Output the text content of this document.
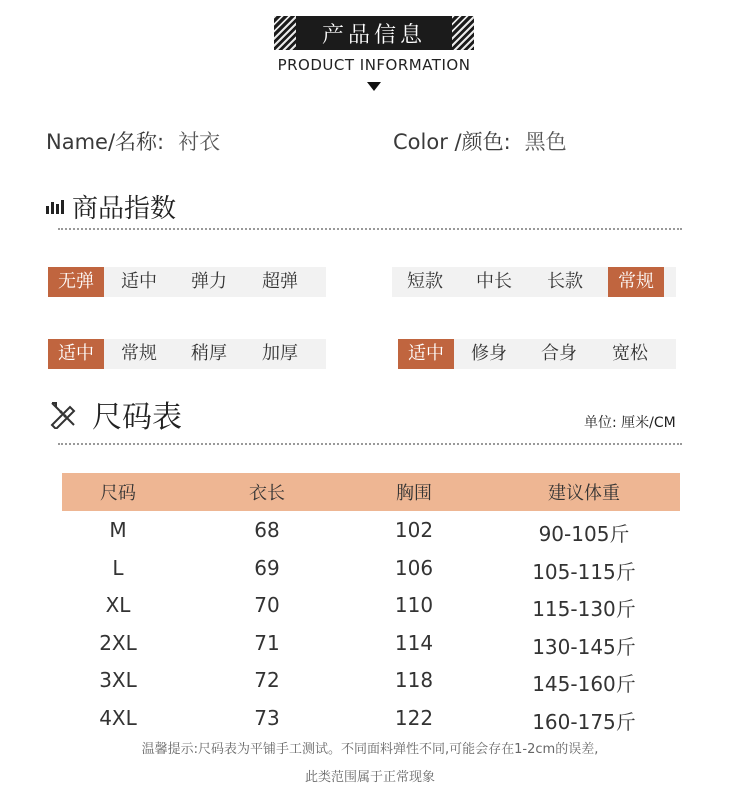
产品信息
PRODUCT INFORMATION
Name/名称: 衬衣	Color /颜色: 黑色
商品指数
无弹	适中	弹力	超弹	短款	中长	长款	常规
适中	常规	稍厚	加厚	适中	修身	合身	宽松
尺码表	单位: 厘米/CM
尺码	衣长	胸围	建议体重
M	68	102	90-105斤
L	69	106	105-115斤
XL	70	110	115-130斤
2XL	71	114	130-145斤
3XL	72	118	145-160斤
4XL	73	122	160-175斤
温馨提示:尺码表为平铺手工测试。不同面料弹性不同,可能会存在1-2cm的误差,
此类范围属于正常现象
